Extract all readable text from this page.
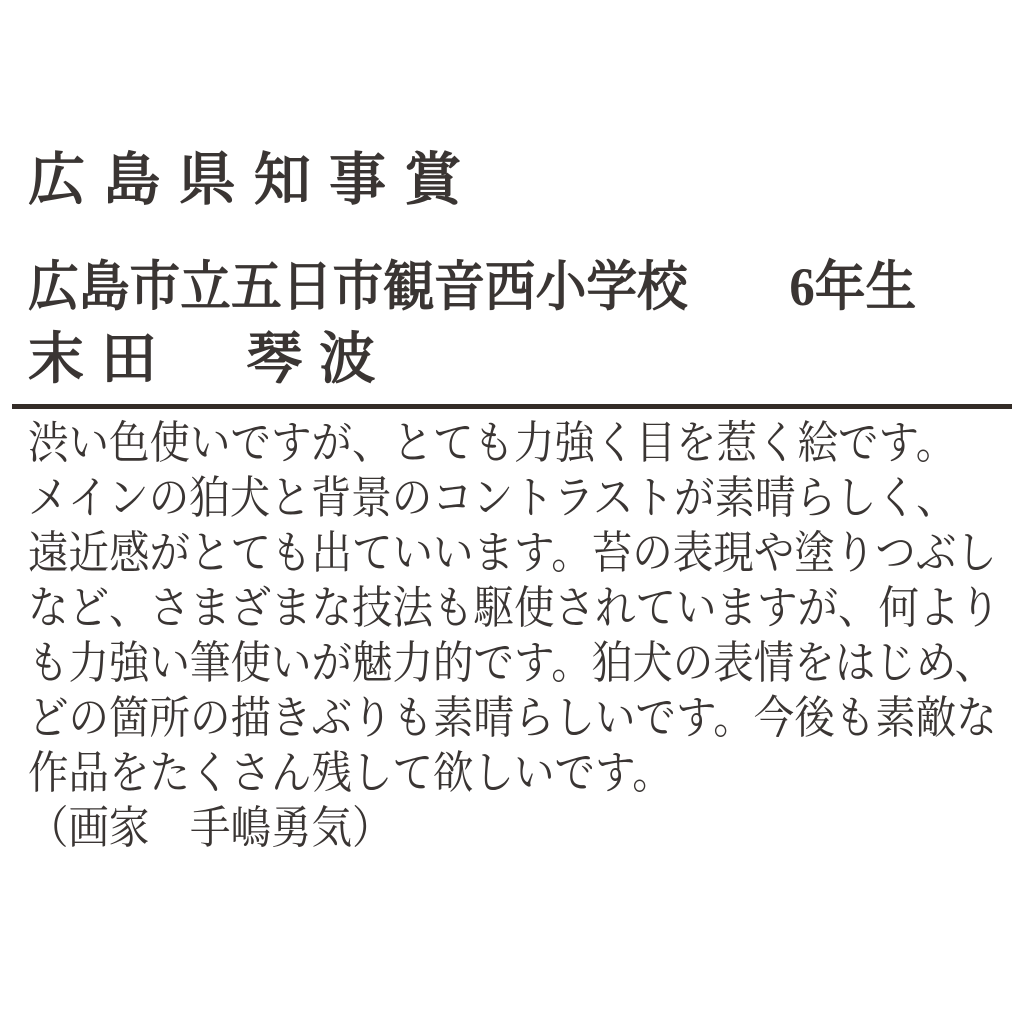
広島県知事賞
広島市立五日市観音西小学校　　6年生
末田　琴波
渋い色使いですが、とても力強く目を惹く絵です。
メインの狛犬と背景のコントラストが素晴らしく、
遠近感がとても出ていいます。苔の表現や塗りつぶし
など、さまざまな技法も駆使されていますが、何より
も力強い筆使いが魅力的です。狛犬の表情をはじめ、
どの箇所の描きぶりも素晴らしいです。今後も素敵な
作品をたくさん残して欲しいです。
（画家　手嶋勇気）
